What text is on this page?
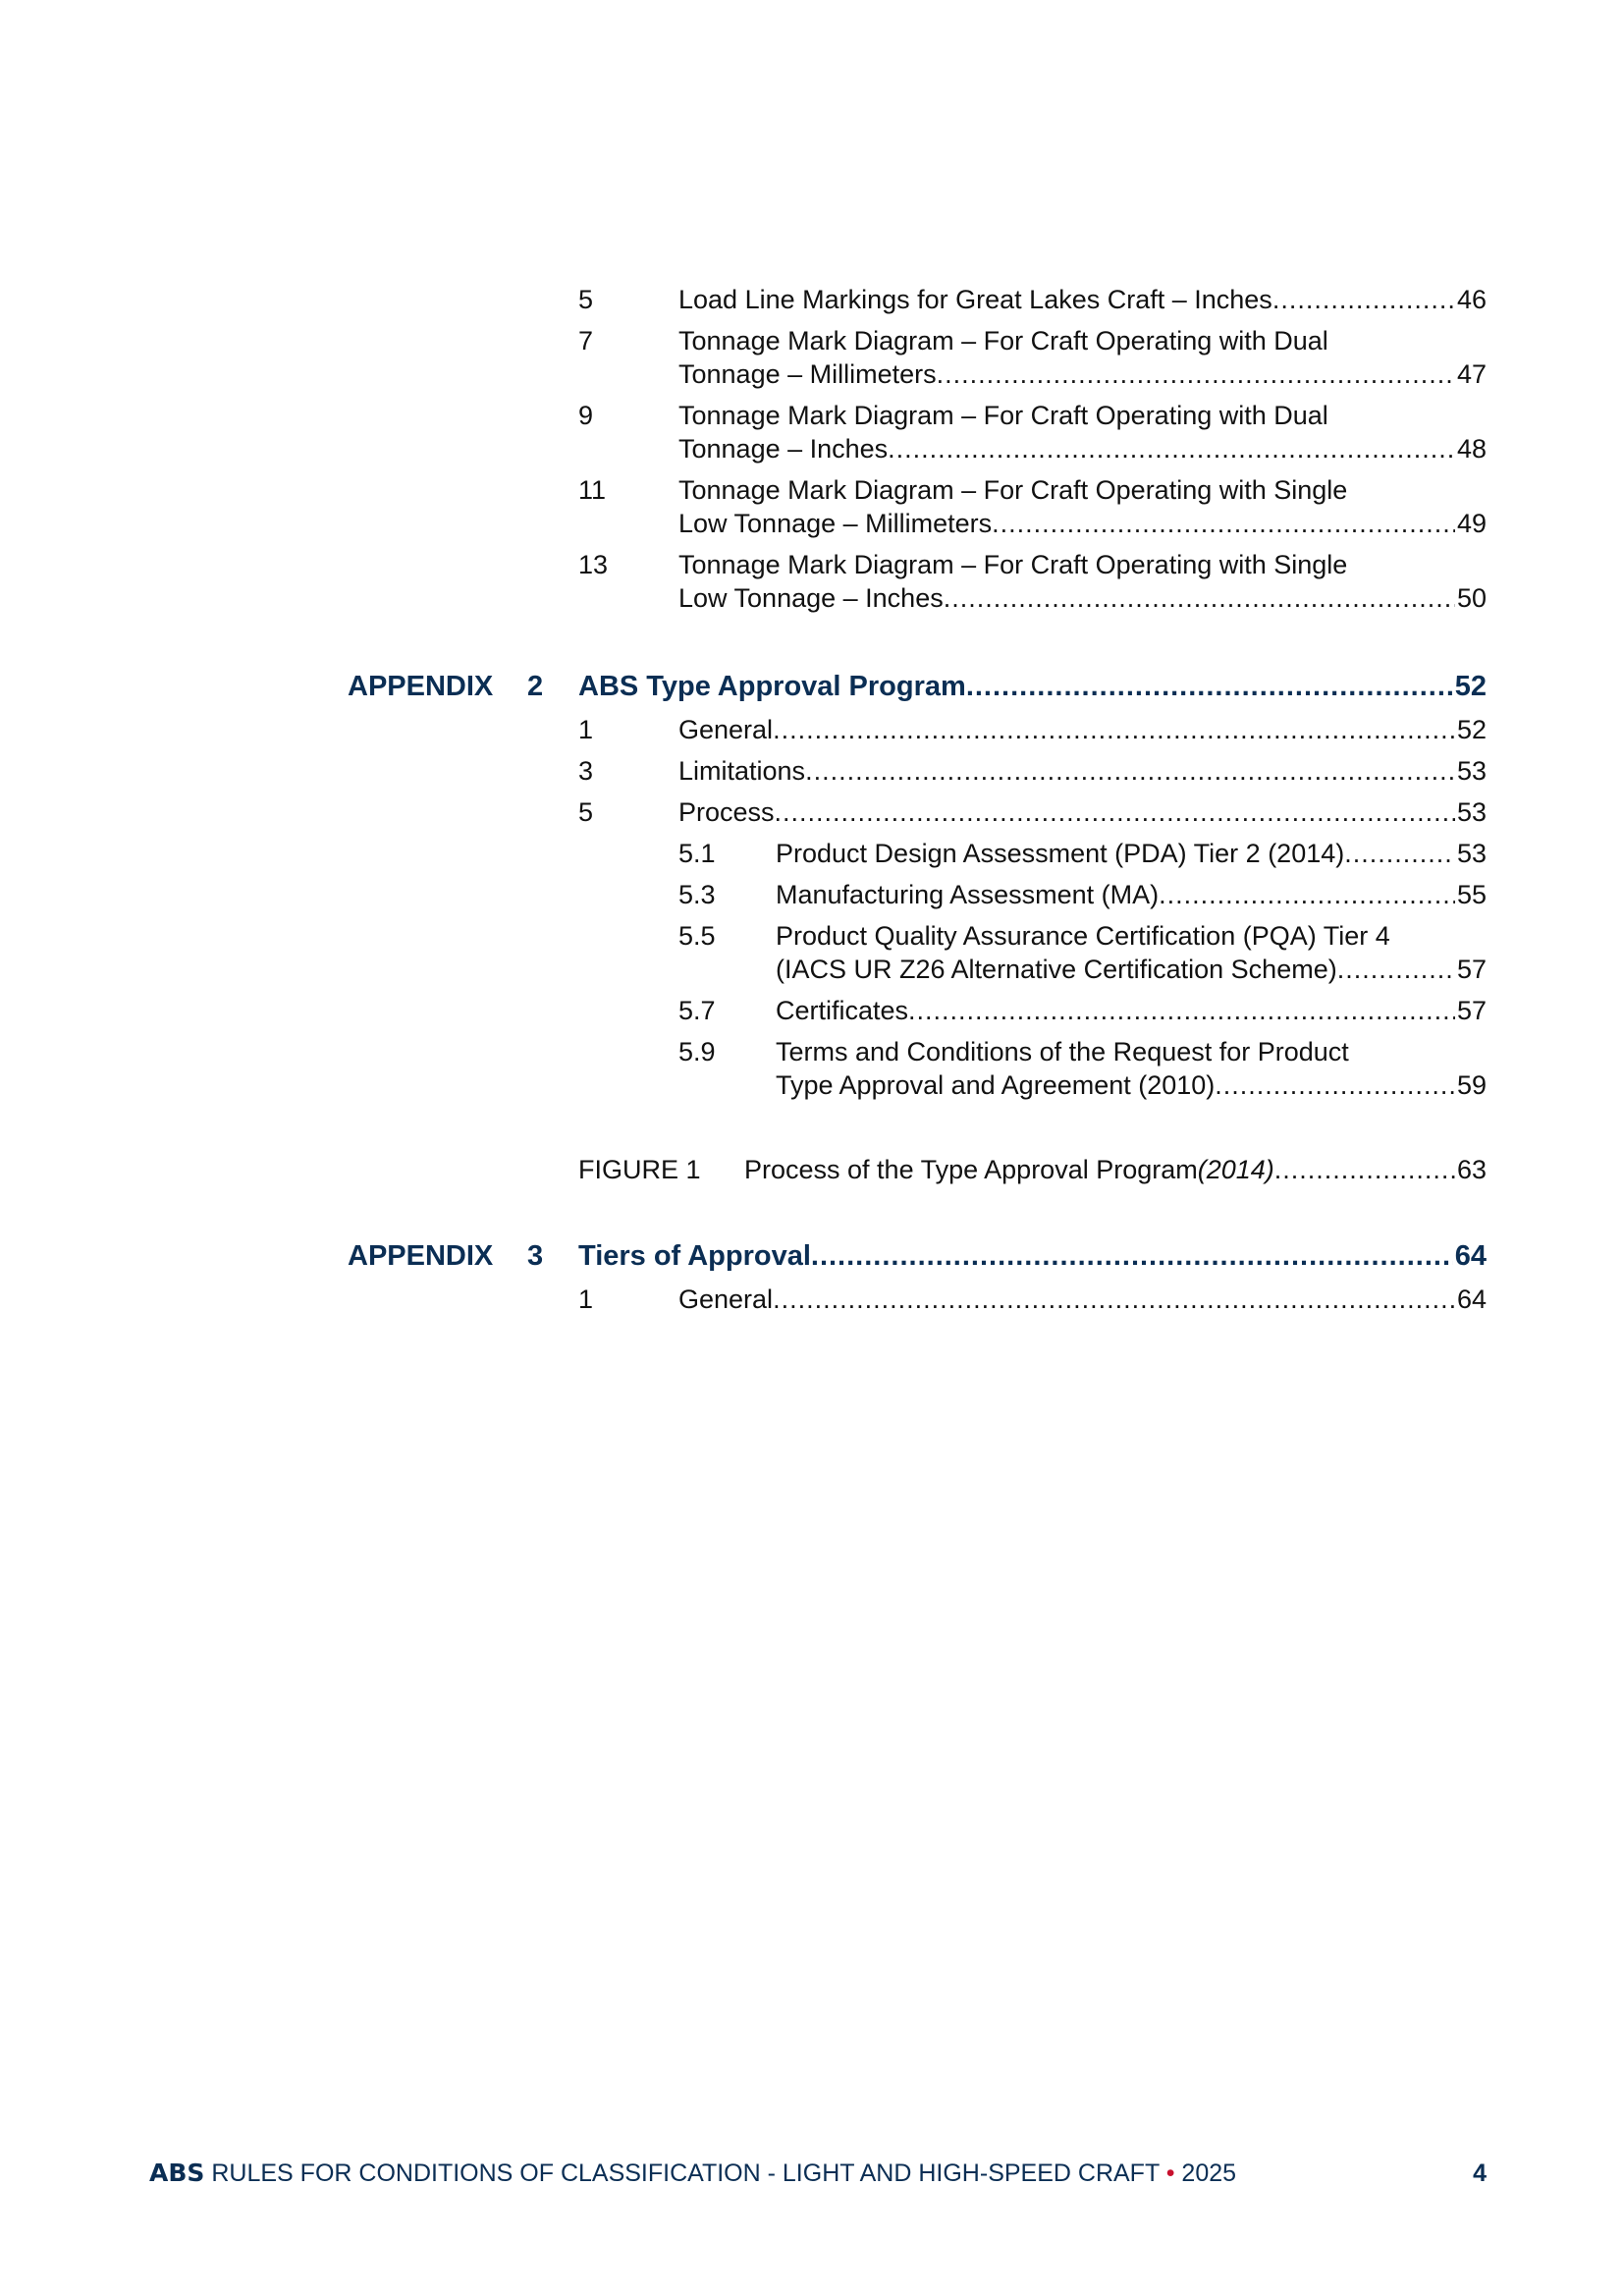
5	Load Line Markings for Great Lakes Craft – Inches .....	46
7	Tonnage Mark Diagram – For Craft Operating with Dual
Tonnage – Millimeters .....	47
9	Tonnage Mark Diagram – For Craft Operating with Dual
Tonnage – Inches .....	48
11	Tonnage Mark Diagram – For Craft Operating with Single
Low Tonnage – Millimeters .....	49
13	Tonnage Mark Diagram – For Craft Operating with Single
Low Tonnage – Inches .....	50
APPENDIX 2 ABS Type Approval Program .....	52
1	General .....	52
3	Limitations .....	53
5	Process .....	53
5.1 Product Design Assessment (PDA) Tier 2 (2014) .....	53
5.3 Manufacturing Assessment (MA) .....	55
5.5 Product Quality Assurance Certification (PQA) Tier 4
(IACS UR Z26 Alternative Certification Scheme) .....	57
5.7 Certificates .....	57
5.9 Terms and Conditions of the Request for Product
Type Approval and Agreement (2010) .....	59
FIGURE 1 Process of the Type Approval Program (2014) .....	63
APPENDIX 3 Tiers of Approval .....	64
1	General .....	64
ABS RULES FOR CONDITIONS OF CLASSIFICATION - LIGHT AND HIGH-SPEED CRAFT • 2025	4
